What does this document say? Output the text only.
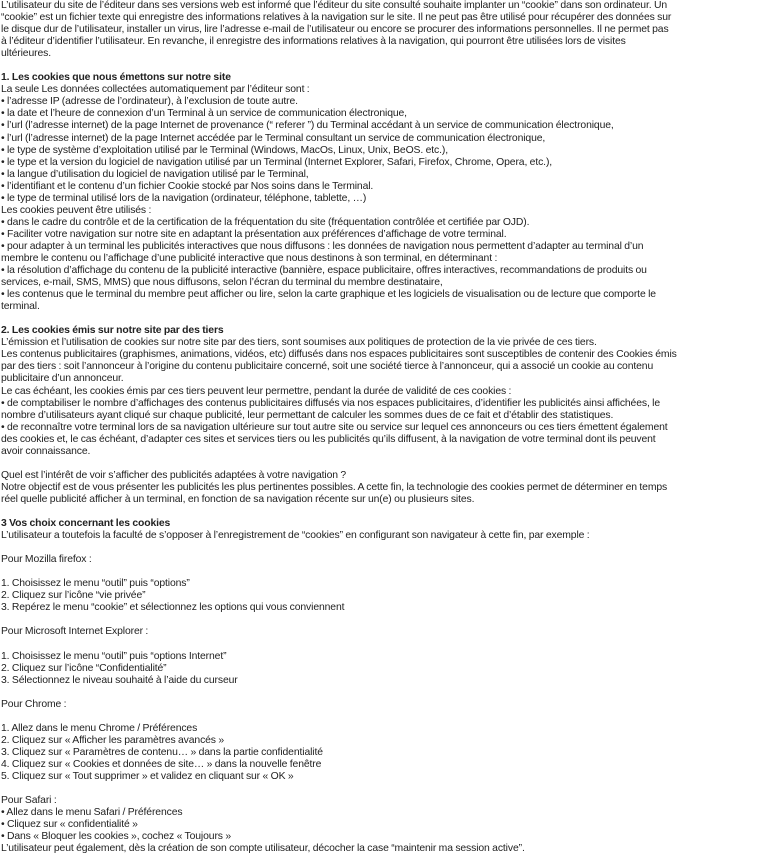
L’utilisateur du site de l’éditeur dans ses versions web est informé que l’éditeur du site consulté souhaite implanter un “cookie” dans son ordinateur. Un
“cookie” est un fichier texte qui enregistre des informations relatives à la navigation sur le site. Il ne peut pas être utilisé pour récupérer des données sur
le disque dur de l’utilisateur, installer un virus, lire l’adresse e-mail de l’utilisateur ou encore se procurer des informations personnelles. Il ne permet pas
à l’éditeur d’identifier l’utilisateur. En revanche, il enregistre des informations relatives à la navigation, qui pourront être utilisées lors de visites
ultérieures.
1. Les cookies que nous émettons sur notre site
La seule Les données collectées automatiquement par l’éditeur sont :
• l’adresse IP (adresse de l’ordinateur), à l’exclusion de toute autre.
• la date et l’heure de connexion d’un Terminal à un service de communication électronique,
• l’url (l’adresse internet) de la page Internet de provenance (“ referer ”) du Terminal accédant à un service de communication électronique,
• l’url (l’adresse internet) de la page Internet accédée par le Terminal consultant un service de communication électronique,
• le type de système d’exploitation utilisé par le Terminal (Windows, MacOs, Linux, Unix, BeOS. etc.),
• le type et la version du logiciel de navigation utilisé par un Terminal (Internet Explorer, Safari, Firefox, Chrome, Opera, etc.),
• la langue d’utilisation du logiciel de navigation utilisé par le Terminal,
• l’identifiant et le contenu d’un fichier Cookie stocké par Nos soins dans le Terminal.
• le type de terminal utilisé lors de la navigation (ordinateur, téléphone, tablette, …)
Les cookies peuvent être utilisés :
• dans le cadre du contrôle et de la certification de la fréquentation du site (fréquentation contrôlée et certifiée par OJD).
• Faciliter votre navigation sur notre site en adaptant la présentation aux préférences d’affichage de votre terminal.
• pour adapter à un terminal les publicités interactives que nous diffusons : les données de navigation nous permettent d’adapter au terminal d’un
membre le contenu ou l’affichage d’une publicité interactive que nous destinons à son terminal, en déterminant :
• la résolution d’affichage du contenu de la publicité interactive (bannière, espace publicitaire, offres interactives, recommandations de produits ou
services, e-mail, SMS, MMS) que nous diffusons, selon l’écran du terminal du membre destinataire,
• les contenus que le terminal du membre peut afficher ou lire, selon la carte graphique et les logiciels de visualisation ou de lecture que comporte le
terminal.
2. Les cookies émis sur notre site par des tiers
L’émission et l’utilisation de cookies sur notre site par des tiers, sont soumises aux politiques de protection de la vie privée de ces tiers.
Les contenus publicitaires (graphismes, animations, vidéos, etc) diffusés dans nos espaces publicitaires sont susceptibles de contenir des Cookies émis
par des tiers : soit l’annonceur à l’origine du contenu publicitaire concerné, soit une société tierce à l’annonceur, qui a associé un cookie au contenu
publicitaire d’un annonceur.
Le cas échéant, les cookies émis par ces tiers peuvent leur permettre, pendant la durée de validité de ces cookies :
• de comptabiliser le nombre d’affichages des contenus publicitaires diffusés via nos espaces publicitaires, d’identifier les publicités ainsi affichées, le
nombre d’utilisateurs ayant cliqué sur chaque publicité, leur permettant de calculer les sommes dues de ce fait et d’établir des statistiques.
• de reconnaître votre terminal lors de sa navigation ultérieure sur tout autre site ou service sur lequel ces annonceurs ou ces tiers émettent également
des cookies et, le cas échéant, d’adapter ces sites et services tiers ou les publicités qu’ils diffusent, à la navigation de votre terminal dont ils peuvent
avoir connaissance.
Quel est l’intérêt de voir s’afficher des publicités adaptées à votre navigation ?
Notre objectif est de vous présenter les publicités les plus pertinentes possibles. A cette fin, la technologie des cookies permet de déterminer en temps
réel quelle publicité afficher à un terminal, en fonction de sa navigation récente sur un(e) ou plusieurs sites.
3 Vos choix concernant les cookies
L’utilisateur a toutefois la faculté de s’opposer à l’enregistrement de “cookies” en configurant son navigateur à cette fin, par exemple :
Pour Mozilla firefox :
1. Choisissez le menu “outil” puis “options”
2. Cliquez sur l’icône “vie privée”
3. Repérez le menu “cookie” et sélectionnez les options qui vous conviennent
Pour Microsoft Internet Explorer :
1. Choisissez le menu “outil” puis “options Internet”
2. Cliquez sur l’icône “Confidentialité”
3. Sélectionnez le niveau souhaité à l’aide du curseur
Pour Chrome :
1. Allez dans le menu Chrome / Préférences
2. Cliquez sur « Afficher les paramètres avancés »
3. Cliquez sur « Paramètres de contenu… » dans la partie confidentialité
4. Cliquez sur « Cookies et données de site… » dans la nouvelle fenêtre
5. Cliquez sur « Tout supprimer » et validez en cliquant sur « OK »
Pour Safari :
• Allez dans le menu Safari / Préférences
• Cliquez sur « confidentialité »
• Dans « Bloquer les cookies », cochez « Toujours »
L’utilisateur peut également, dès la création de son compte utilisateur, décocher la case “maintenir ma session active”.
